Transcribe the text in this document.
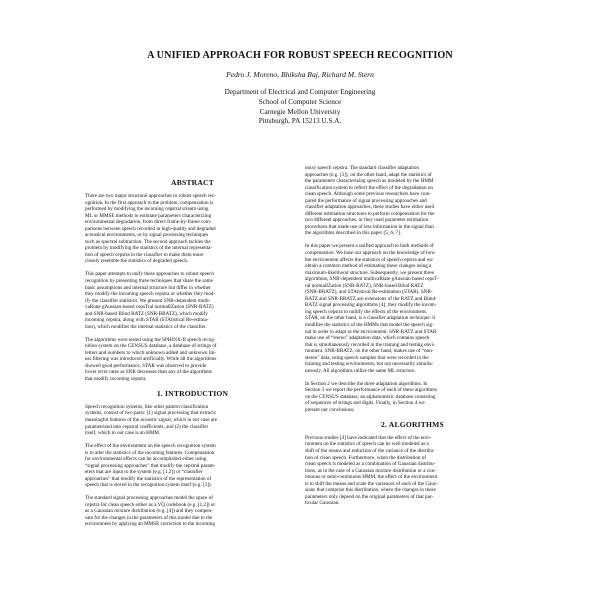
A UNIFIED APPROACH FOR ROBUST SPEECH RECOGNITION
Pedro J. Moreno, Bhiksha Raj, Richard M. Stern
Department of Electrical and Computer Engineering
School of Computer Science
Carnegie Mellon University
Pittsburgh, PA 15213 U.S.A.
ABSTRACT
There are two major structural approaches to robust speech rec-
ognition. In the first approach to the problem, compensation is
performed by modifying the incoming cepstral stream using
ML or MMSE methods to estimate parameters characterizing
environmental degradation, from direct frame-by-frame com-
parisons between speech recorded in high-quality and degraded
acoustical environments, or by signal processing techniques
such as spectral subtraction. The second approach tackles the
problem by modifying the statistics of the internal representa-
tion of speech cepstra in the classifier to make them more
closely resemble the statistics of degraded speech.
This paper attempts to unify these approaches to robust speech
recognition by presenting three techniques that share the same
basic assumptions and internal structure but differ in whether
they modify the incoming speech cepstra or whether they mod-
ify the classifier statistics. We present SNR-dependent multi-
vaRiate gAussian-based cepsTral normalIZation (SNR-RATZ)
and SNR-based Blind RATZ (SNR-BRATZ), which modify
incoming cepstra, along with STAR (STAtistical Re-estima-
tion), which modifies the internal statistics of the classifier.
The algorithms were tested using the SPHINX-II speech recog-
nition system on the CENSUS database, a database of strings of
letters and numbers to which unknown added and unknown lin-
ear filtering was introduced artificially. While all the algorithms
showed good performance, STAR was observed to provide
lower error rates as SNR decreases than any of the algorithms
that modify incoming cepstra.
1. INTRODUCTION
Speech recognition systems, like other pattern classification
systems, consist of two parts: (1) signal processing that extracts
meaningful features of the acoustic signal, which in our case are
parametrized into cepstral coefficients, and (2) the classifier
itself, which in our case is an HMM.
The effect of the environment on the speech recognition system
is to alter the statistics of the incoming features. Compensation
for environmental effects can be accomplished either using
“signal processing approaches” that modify the cepstral param-
eters that are input to the system (e.g. [1,2]) or “classifier
approaches” that modify the statistics of the representation of
speech that is stored in the recognition system itself (e.g. [3]).
The standard signal processing approaches model the space of
cepstra for clean speech either as a VQ codebook (e.g. [1,2]) or
as a Gaussian mixture distribution (e.g. [4]) and they compen-
sate for the changes in the parameters of this model due to the
environment by applying an MMSE correction to the incoming
noisy speech cepstra. The standard classifier adaptation
approaches (e.g. [3]), on the other hand, adapt the statistics of
the parameters characterizing speech as modeled by the HMM
classification system to reflect the effect of the degradation on
clean speech. Although some previous researchers have com-
pared the performance of signal processing approaches and
classifier adaptation approaches, these studies have either used
different estimation structures to perform compensation for the
two different approaches, or they used parameter estimation
procedures that made use of less information in the signal than
the algorithms described in this paper [5, 6, 7].
In this paper we present a unified approach to both methods of
compensation. We base our approach on the knowledge of how
the environment affects the statistics of speech cepstra and we
obtain a common method of estimating these changes using a
maximum-likelihood structure. Subsequently, we present three
algorithms, SNR-dependent multivaRiate gAussian based cepsT-
ral normalIZation (SNR-RATZ), SNR-based Blind RATZ
(SNR-BRATZ), and STAtistical Re-estimation (STAR). SNR-
RATZ and SNR-BRATZ are extensions of the RATZ and Blind-
RATZ signal processing algorithms [4]: they modify the incom-
ing speech cepstra to nullify the effects of the environment.
STAR, on the other hand, is a classifier adaptation technique: it
modifies the statistics of the HMMs that model the speech sig-
nal in order to adapt to the environment. SNR-RATZ and STAR
make use of “stereo” adaptation data, which contains speech
that is simultaneously recorded in the training and testing envi-
ronment. SNR-BRATZ, on the other hand, makes use of “non-
stereo” data, using speech samples that were recorded in the
training and testing environments, but not necessarily simulta-
neously. All algorithms utilize the same ML structure.
In Section 2 we describe the three adaptation algorithms. In
Section 3 we report the performance of each of these algorithms
on the CENSUS database, an alphanumeric database consisting
of sequences of strings and digits. Finally, in Section 4 we
present our conclusions.
2. ALGORITHMS
Previous studies [4] have indicated that the effect of the envi-
ronment on the statistics of speech can be well modeled as a
shift of the means and reduction of the variance of the distribu-
tion of clean speech. Furthermore, when the distribution of
clean speech is modeled as a combination of Gaussian distribu-
tions, as in the case of a Gaussian mixture distribution or a con-
tinuous or semi-continuous HMM, the effect of the environment
is to shift the means and scale the variances of each of the Gaus-
sians that comprise this distribution, where the changes in these
parameters only depend on the original parameters of that par-
ticular Gaussian.
